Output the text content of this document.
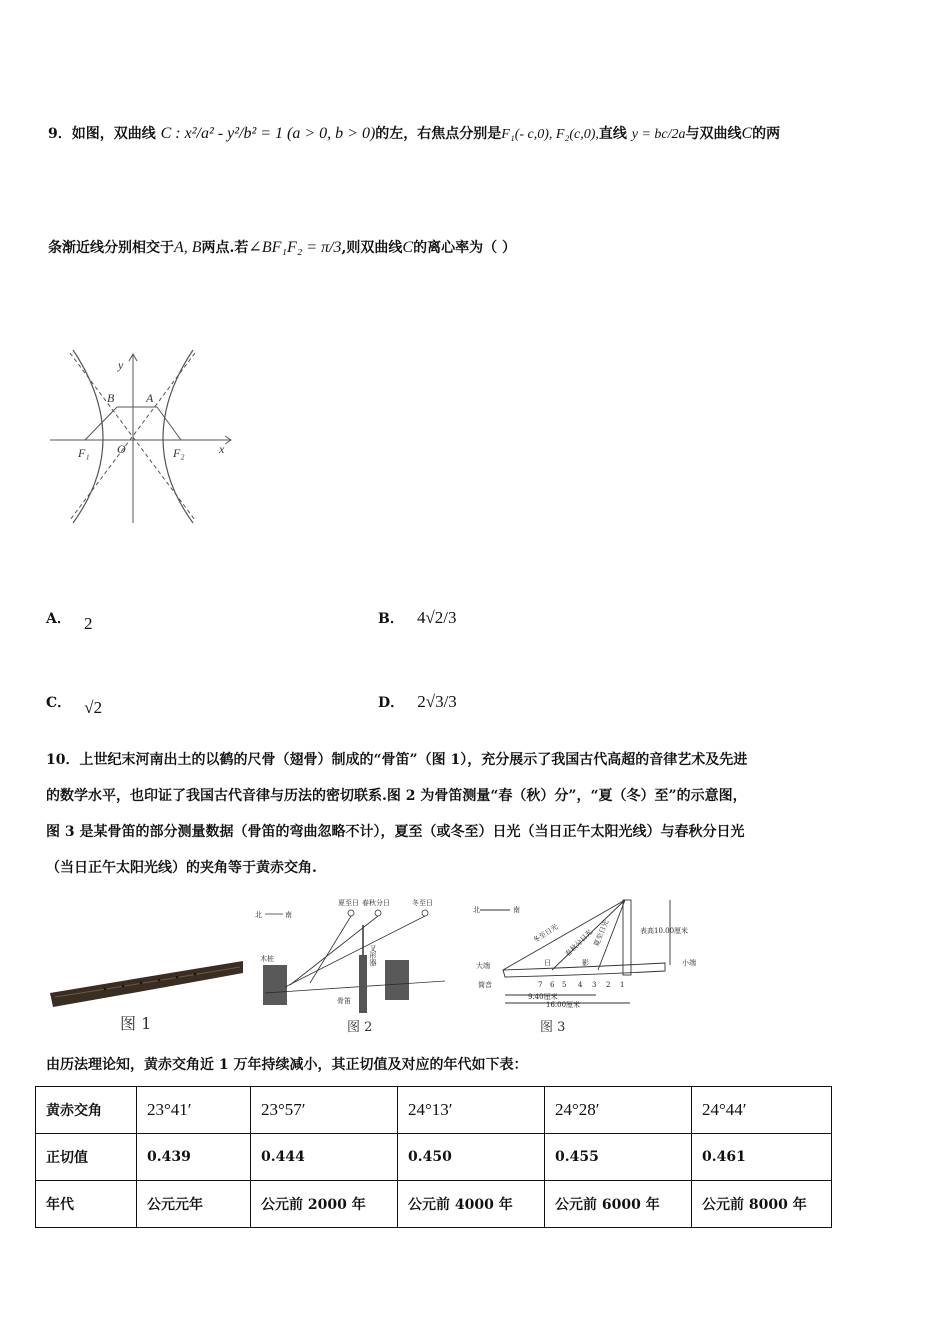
9．如图，双曲线 C : x²/a² - y²/b² = 1 (a > 0, b > 0)的左，右焦点分别是F₁(- c,0), F₂(c,0),直线 y = bc/2a与双曲线C的两
条渐近线分别相交于A, B两点.若∠BF₁F₂ = π/3,则双曲线C的离心率为（ ）
y
B	A
F₁ O	F₂	x
A． 2	B． 4√2/3
C． √2	D． 2√3/3
10．上世纪末河南出土的以鹤的尺骨（翅骨）制成的“骨笛”（图 1），充分展示了我国古代高超的音律艺术及先进
的数学水平，也印证了我国古代音律与历法的密切联系.图 2 为骨笛测量“春（秋）分”，“夏（冬）至”的示意图，
图 3 是某骨笛的部分测量数据（骨笛的弯曲忽略不计），夏至（或冬至）日光（当日正午太阳光线）与春秋分日光
（当日正午太阳光线）的夹角等于黄赤交角.
图 1
北	南
夏至日 春秋分日	冬至日
木桩
骨笛
叉形器
图 2
北	南
冬至日光 春秋分日光
夏至日光	表高10.00厘米
大端	小端
日	影
筒音	7 6 5 4 3 2 1
9.40厘米
16.00厘米
图 3
由历法理论知，黄赤交角近 1 万年持续减小，其正切值及对应的年代如下表：
黄赤交角	23°41′	23°57′	24°13′	24°28′	24°44′
正切值	0.439	0.444	0.450	0.455	0.461
年代	公元元年	公元前 2000 年	公元前 4000 年	公元前 6000 年	公元前 8000 年
